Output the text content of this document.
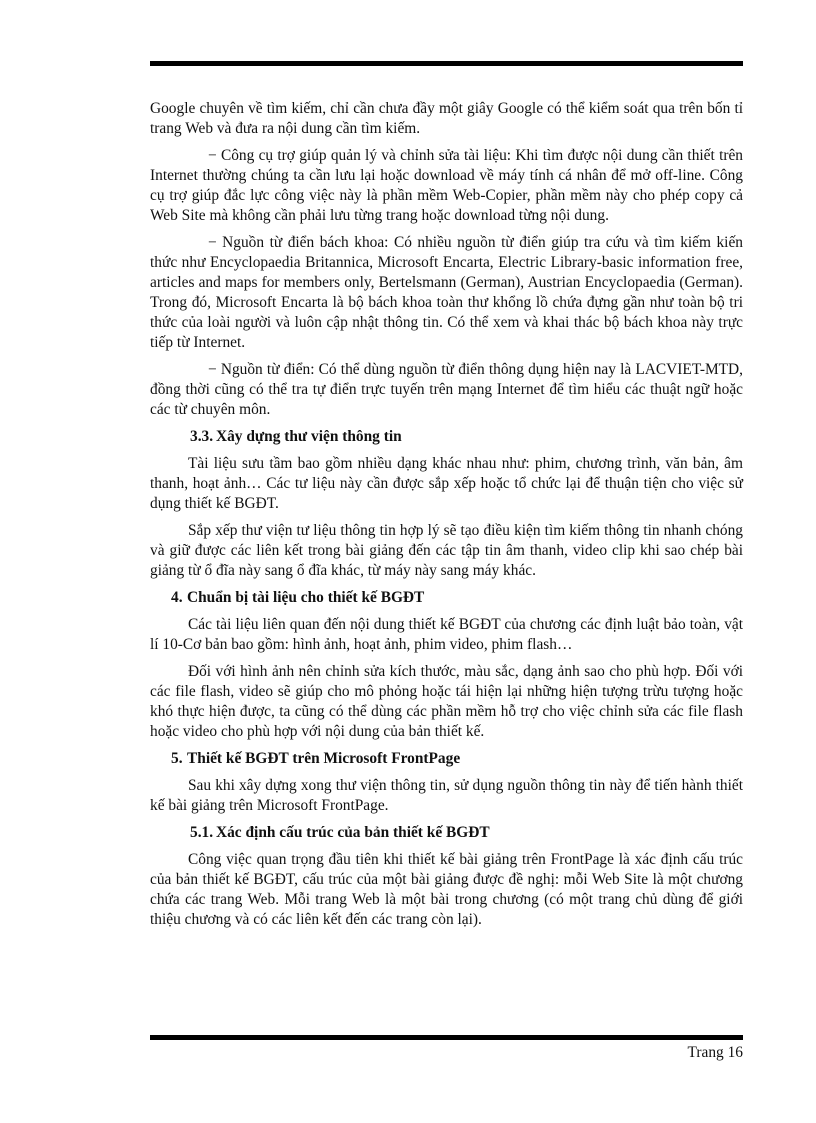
Google chuyên về tìm kiếm, chỉ cần chưa đầy một giây Google có thể kiểm soát qua trên bốn tỉ trang Web và đưa ra nội dung cần tìm kiếm.

− Công cụ trợ giúp quản lý và chỉnh sửa tài liệu: Khi tìm được nội dung cần thiết trên Internet thường chúng ta cần lưu lại hoặc download về máy tính cá nhân để mở off-line. Công cụ trợ giúp đắc lực công việc này là phần mềm Web-Copier, phần mềm này cho phép copy cả Web Site mà không cần phải lưu từng trang hoặc download từng nội dung.

− Nguồn từ điển bách khoa: Có nhiều nguồn từ điển giúp tra cứu và tìm kiếm kiến thức như Encyclopaedia Britannica, Microsoft Encarta, Electric Library-basic information free, articles and maps for members only, Bertelsmann (German), Austrian Encyclopaedia (German). Trong đó, Microsoft Encarta là bộ bách khoa toàn thư khổng lồ chứa đựng gần như toàn bộ tri thức của loài người và luôn cập nhật thông tin. Có thể xem và khai thác bộ bách khoa này trực tiếp từ Internet.

− Nguồn từ điển: Có thể dùng nguồn từ điển thông dụng hiện nay là LACVIET-MTD, đồng thời cũng có thể tra tự điển trực tuyến trên mạng Internet để tìm hiểu các thuật ngữ hoặc các từ chuyên môn.

3.3. Xây dựng thư viện thông tin

Tài liệu sưu tầm bao gồm nhiều dạng khác nhau như: phim, chương trình, văn bản, âm thanh, hoạt ảnh… Các tư liệu này cần được sắp xếp hoặc tổ chức lại để thuận tiện cho việc sử dụng thiết kế BGĐT.

Sắp xếp thư viện tư liệu thông tin hợp lý sẽ tạo điều kiện tìm kiếm thông tin nhanh chóng và giữ được các liên kết trong bài giảng đến các tập tin âm thanh, video clip khi sao chép bài giảng từ ổ đĩa này sang ổ đĩa khác, từ máy này sang máy khác.

4. Chuẩn bị tài liệu cho thiết kế BGĐT

Các tài liệu liên quan đến nội dung thiết kế BGĐT của chương các định luật bảo toàn, vật lí 10-Cơ bản bao gồm: hình ảnh, hoạt ảnh, phim video, phim flash…

Đối với hình ảnh nên chỉnh sửa kích thước, màu sắc, dạng ảnh sao cho phù hợp. Đối với các file flash, video sẽ giúp cho mô phỏng hoặc tái hiện lại những hiện tượng trừu tượng hoặc khó thực hiện được, ta cũng có thể dùng các phần mềm hỗ trợ cho việc chỉnh sửa các file flash hoặc video cho phù hợp với nội dung của bản thiết kế.

5. Thiết kế BGĐT trên Microsoft FrontPage

Sau khi xây dựng xong thư viện thông tin, sử dụng nguồn thông tin này để tiến hành thiết kế bài giảng trên Microsoft FrontPage.

5.1. Xác định cấu trúc của bản thiết kế BGĐT

Công việc quan trọng đầu tiên khi thiết kế bài giảng trên FrontPage là xác định cấu trúc của bản thiết kế BGĐT, cấu trúc của một bài giảng được đề nghị: mỗi Web Site là một chương chứa các trang Web. Mỗi trang Web là một bài trong chương (có một trang chủ dùng để giới thiệu chương và có các liên kết đến các trang còn lại).

Trang 16
